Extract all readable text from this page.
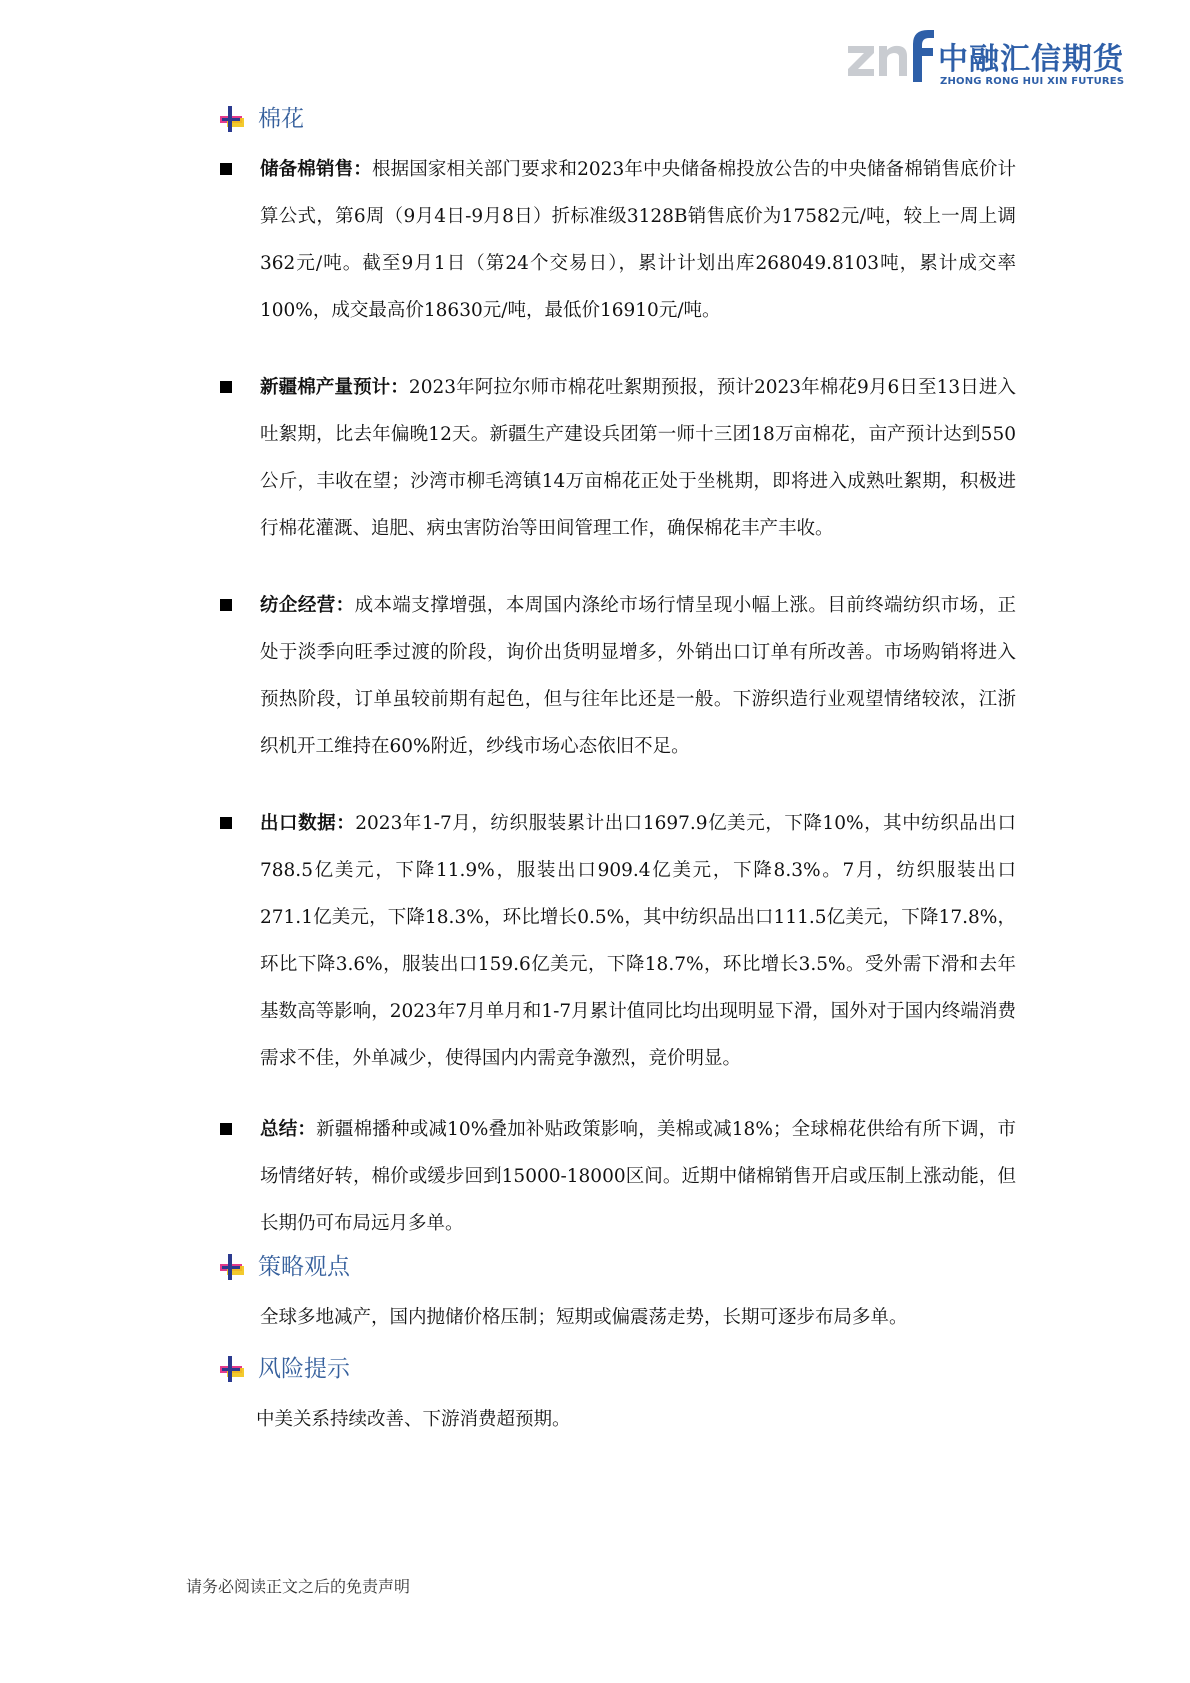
中融汇信期货
ZHONG RONG HUI XIN FUTURES
棉花
储备棉销售：根据国家相关部门要求和2023年中央储备棉投放公告的中央储备棉销售底价计算公式，第6周（9月4日-9月8日）折标准级3128B销售底价为17582元/吨，较上一周上调362元/吨。截至9月1日（第24个交易日），累计计划出库268049.8103吨，累计成交率100%，成交最高价18630元/吨，最低价16910元/吨。
新疆棉产量预计：2023年阿拉尔师市棉花吐絮期预报，预计2023年棉花9月6日至13日进入吐絮期，比去年偏晚12天。新疆生产建设兵团第一师十三团18万亩棉花，亩产预计达到550公斤，丰收在望；沙湾市柳毛湾镇14万亩棉花正处于坐桃期，即将进入成熟吐絮期，积极进行棉花灌溉、追肥、病虫害防治等田间管理工作，确保棉花丰产丰收。
纺企经营：成本端支撑增强，本周国内涤纶市场行情呈现小幅上涨。目前终端纺织市场，正处于淡季向旺季过渡的阶段，询价出货明显增多，外销出口订单有所改善。市场购销将进入预热阶段，订单虽较前期有起色，但与往年比还是一般。下游织造行业观望情绪较浓，江浙织机开工维持在60%附近，纱线市场心态依旧不足。
出口数据：2023年1-7月，纺织服装累计出口1697.9亿美元，下降10%，其中纺织品出口788.5亿美元，下降11.9%，服装出口909.4亿美元，下降8.3%。7月，纺织服装出口271.1亿美元，下降18.3%，环比增长0.5%，其中纺织品出口111.5亿美元，下降17.8%，环比下降3.6%，服装出口159.6亿美元，下降18.7%，环比增长3.5%。受外需下滑和去年基数高等影响，2023年7月单月和1-7月累计值同比均出现明显下滑，国外对于国内终端消费需求不佳，外单减少，使得国内内需竞争激烈，竞价明显。
总结：新疆棉播种或减10%叠加补贴政策影响，美棉或减18%；全球棉花供给有所下调，市场情绪好转，棉价或缓步回到15000-18000区间。近期中储棉销售开启或压制上涨动能，但长期仍可布局远月多单。
策略观点
全球多地减产，国内抛储价格压制；短期或偏震荡走势，长期可逐步布局多单。
风险提示
中美关系持续改善、下游消费超预期。
请务必阅读正文之后的免责声明
